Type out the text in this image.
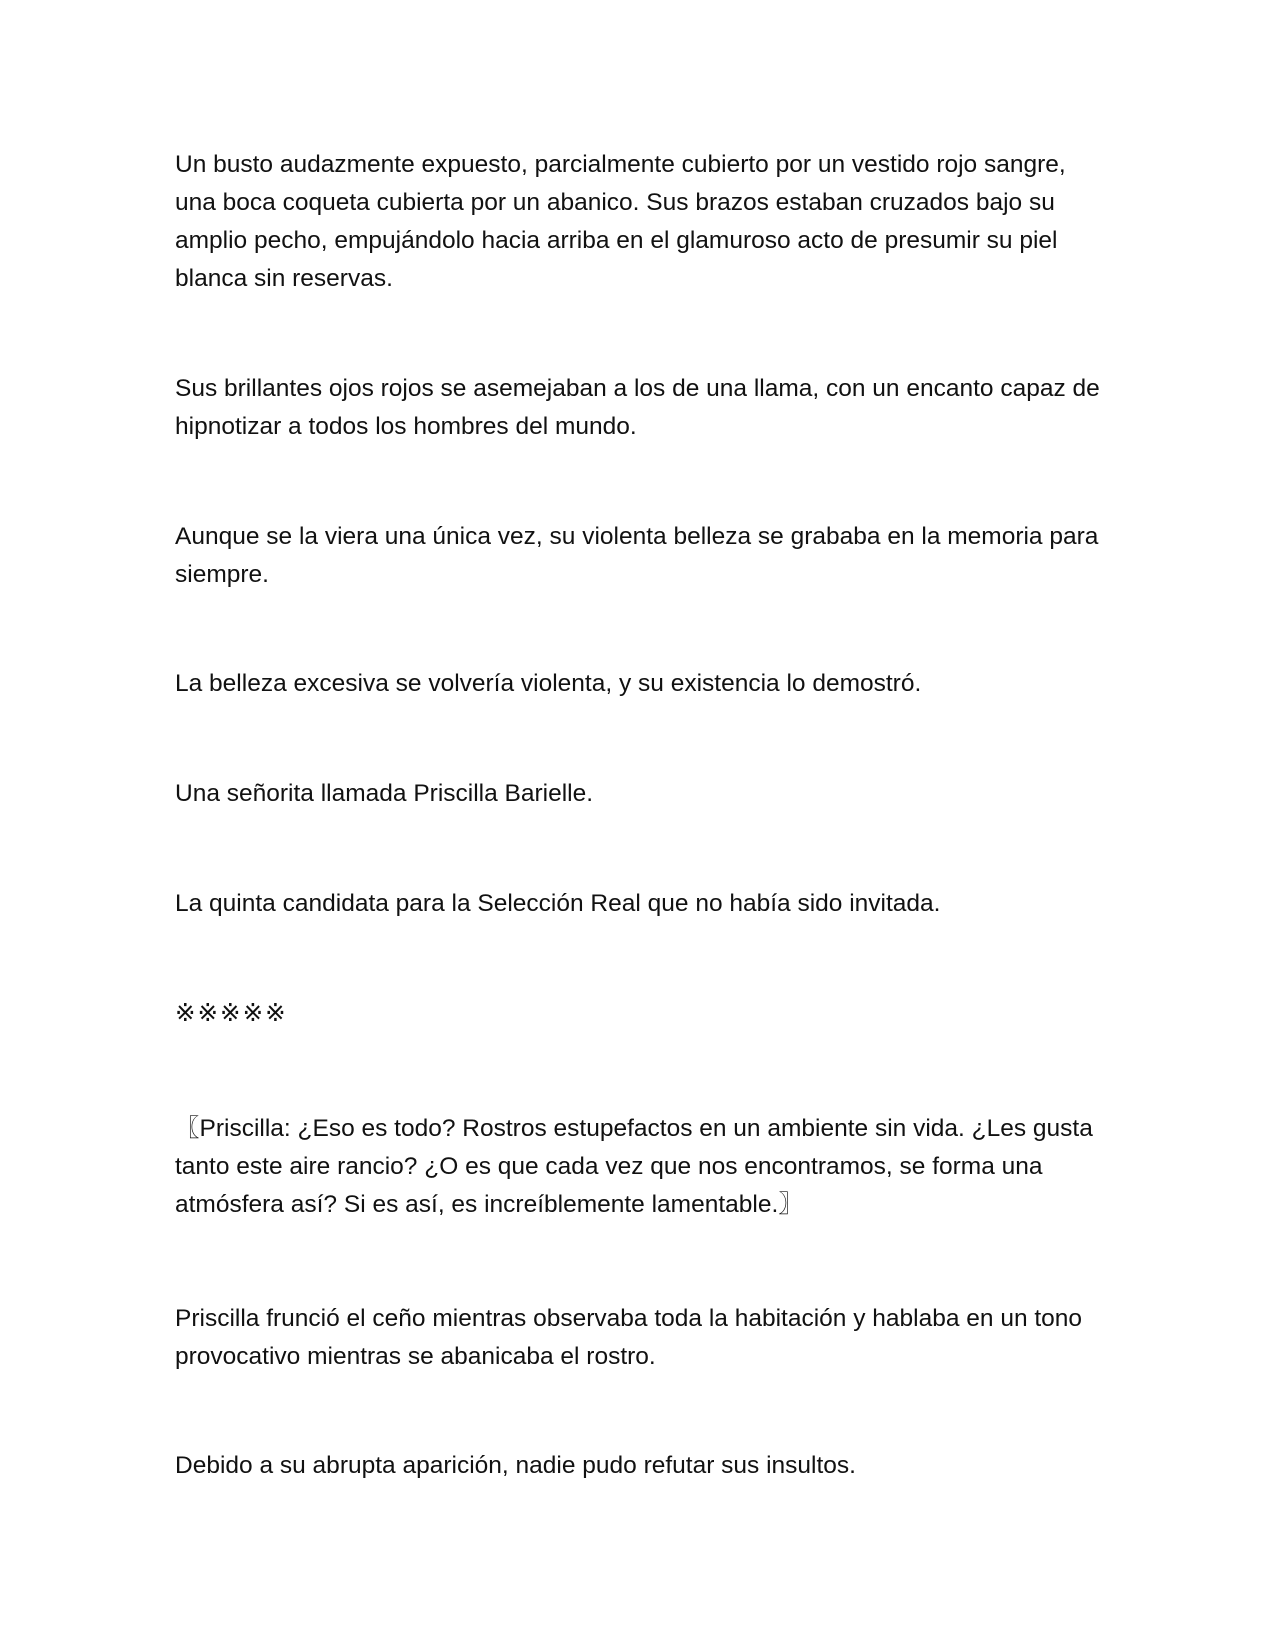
Un busto audazmente expuesto, parcialmente cubierto por un vestido rojo sangre, una boca coqueta cubierta por un abanico. Sus brazos estaban cruzados bajo su amplio pecho, empujándolo hacia arriba en el glamuroso acto de presumir su piel blanca sin reservas.

Sus brillantes ojos rojos se asemejaban a los de una llama, con un encanto capaz de hipnotizar a todos los hombres del mundo.

Aunque se la viera una única vez, su violenta belleza se grababa en la memoria para siempre.

La belleza excesiva se volvería violenta, y su existencia lo demostró.

Una señorita llamada Priscilla Barielle.

La quinta candidata para la Selección Real que no había sido invitada.

※※※※※

〖Priscilla: ¿Eso es todo? Rostros estupefactos en un ambiente sin vida. ¿Les gusta tanto este aire rancio? ¿O es que cada vez que nos encontramos, se forma una atmósfera así? Si es así, es increíblemente lamentable.〗

Priscilla frunció el ceño mientras observaba toda la habitación y hablaba en un tono provocativo mientras se abanicaba el rostro.

Debido a su abrupta aparición, nadie pudo refutar sus insultos.
